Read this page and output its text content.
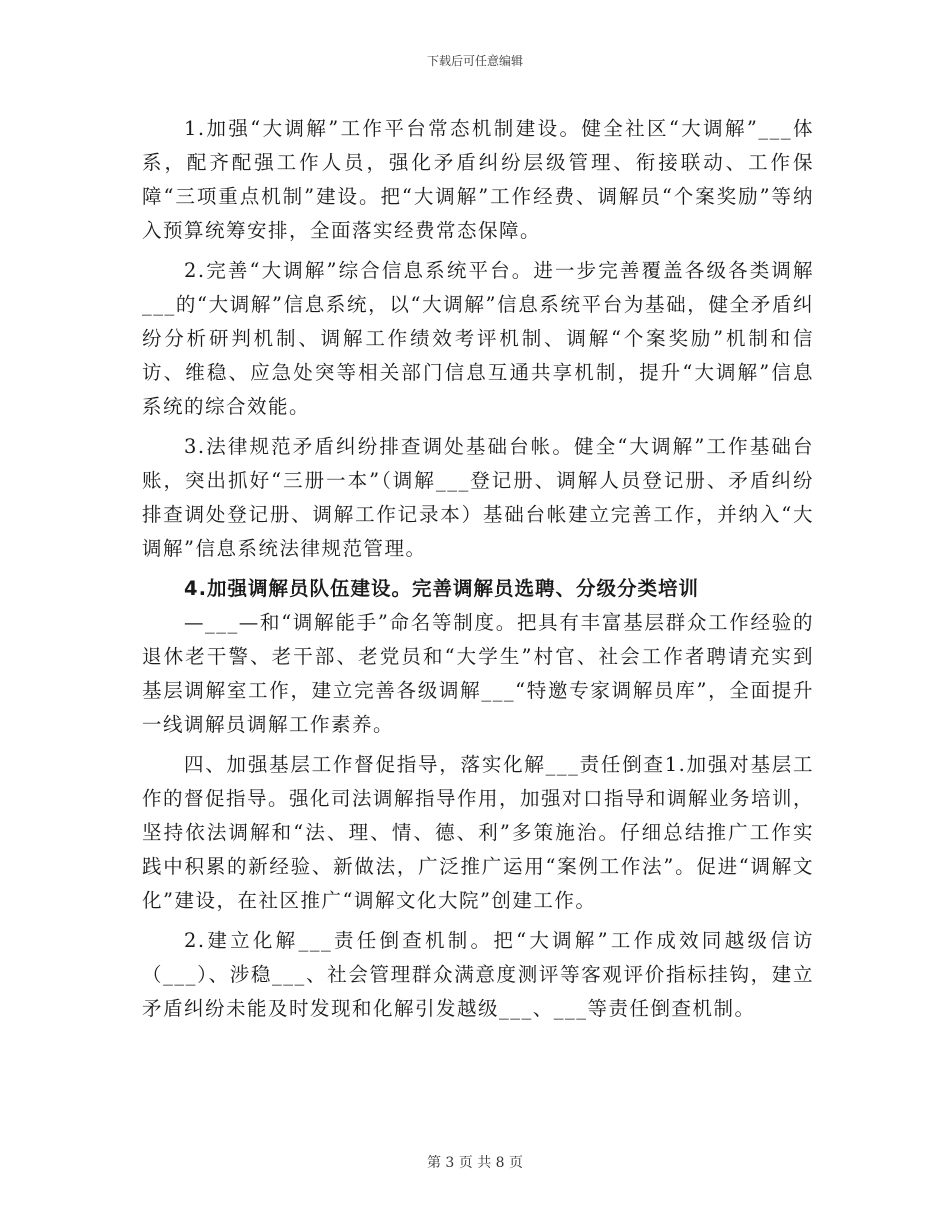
下载后可任意编辑

1.加强“大调解”工作平台常态机制建设。健全社区“大调解”___体系，配齐配强工作人员，强化矛盾纠纷层级管理、衔接联动、工作保障“三项重点机制”建设。把“大调解”工作经费、调解员“个案奖励”等纳入预算统筹安排，全面落实经费常态保障。

2.完善“大调解”综合信息系统平台。进一步完善覆盖各级各类调解___的“大调解”信息系统，以“大调解”信息系统平台为基础，健全矛盾纠纷分析研判机制、调解工作绩效考评机制、调解“个案奖励”机制和信访、维稳、应急处突等相关部门信息互通共享机制，提升“大调解”信息系统的综合效能。

3.法律规范矛盾纠纷排查调处基础台帐。健全“大调解”工作基础台账，突出抓好“三册一本”（调解___登记册、调解人员登记册、矛盾纠纷排查调处登记册、调解工作记录本）基础台帐建立完善工作，并纳入“大调解”信息系统法律规范管理。

4.加强调解员队伍建设。完善调解员选聘、分级分类培训

—___—和“调解能手”命名等制度。把具有丰富基层群众工作经验的退休老干警、老干部、老党员和“大学生”村官、社会工作者聘请充实到基层调解室工作，建立完善各级调解___“特邀专家调解员库”，全面提升一线调解员调解工作素养。

四、加强基层工作督促指导，落实化解___责任倒查1.加强对基层工作的督促指导。强化司法调解指导作用，加强对口指导和调解业务培训，坚持依法调解和“法、理、情、德、利”多策施治。仔细总结推广工作实践中积累的新经验、新做法，广泛推广运用“案例工作法”。促进“调解文化”建设，在社区推广“调解文化大院”创建工作。

2.建立化解___责任倒查机制。把“大调解”工作成效同越级信访（___）、涉稳___、社会管理群众满意度测评等客观评价指标挂钩，建立矛盾纠纷未能及时发现和化解引发越级___、___等责任倒查机制。

第 3 页 共 8 页
